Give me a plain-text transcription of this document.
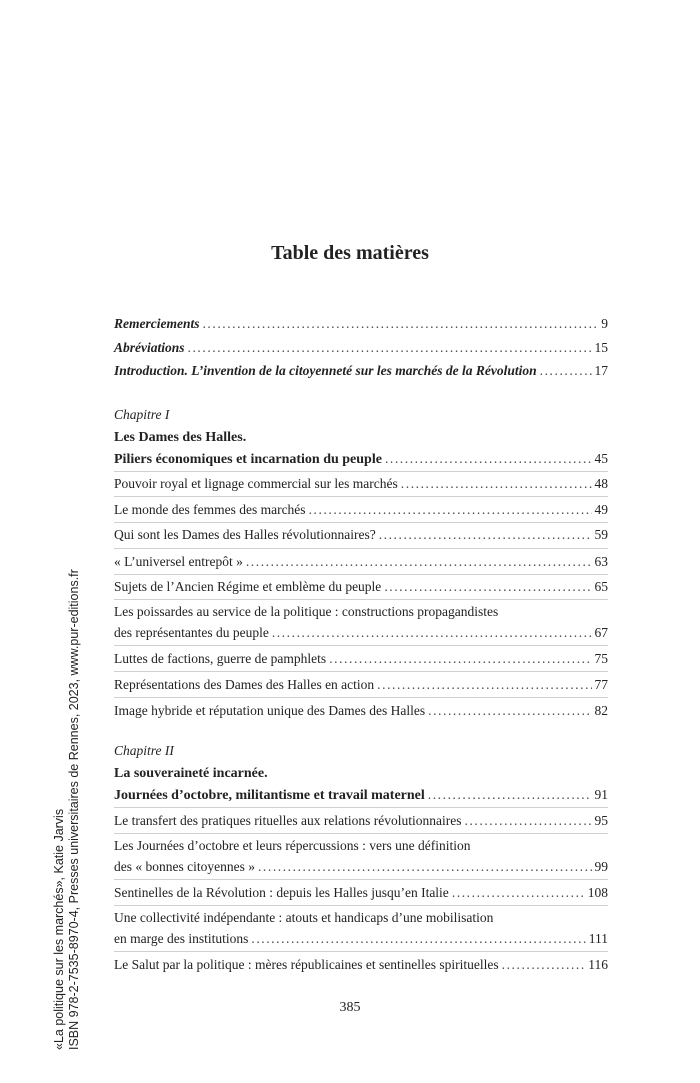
Table des matières
Remerciements . . .	9
Abréviations . . .	15
Introduction. L’invention de la citoyenneté sur les marchés de la Révolution . . .	17
Chapitre I
Les Dames des Halles.
Piliers économiques et incarnation du peuple . . .	45
Pouvoir royal et lignage commercial sur les marchés . . .	48
Le monde des femmes des marchés . . .	49
Qui sont les Dames des Halles révolutionnaires? . . .	59
« L’universel entrepôt » . . .	63
Sujets de l’Ancien Régime et emblème du peuple . . .	65
Les poissardes au service de la politique : constructions propagandistes
des représentantes du peuple . . .	67
Luttes de factions, guerre de pamphlets . . .	75
Représentations des Dames des Halles en action . . .	77
Image hybride et réputation unique des Dames des Halles . . .	82
Chapitre II
La souveraineté incarnée.
Journées d’octobre, militantisme et travail maternel . . .	91
Le transfert des pratiques rituelles aux relations révolutionnaires . . .	95
Les Journées d’octobre et leurs répercussions : vers une définition
des « bonnes citoyennes » . . .	99
Sentinelles de la Révolution : depuis les Halles jusqu’en Italie . . .	108
Une collectivité indépendante : atouts et handicaps d’une mobilisation
en marge des institutions . . .	111
Le Salut par la politique : mères républicaines et sentinelles spirituelles . . .	116
385
«La politique sur les marchés», Katie Jarvis ISBN 978-2-7535-8970-4, Presses universitaires de Rennes, 2023, www.pur-editions.fr
